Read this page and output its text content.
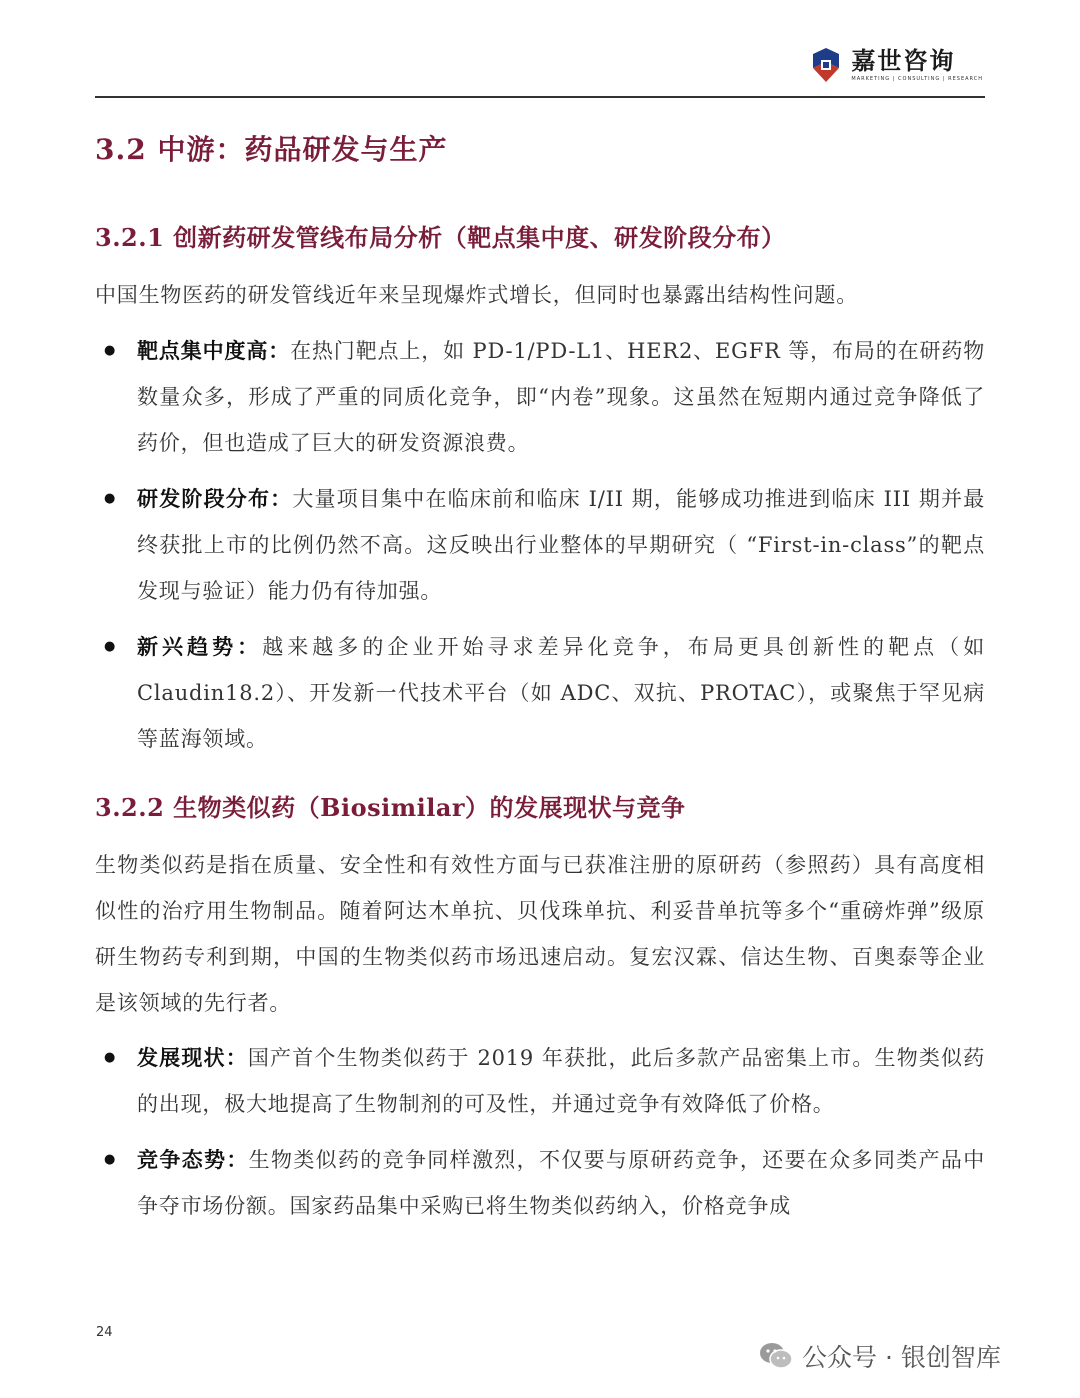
嘉世咨询
MARKETING | CONSULTING | RESEARCH
3.2 中游：药品研发与生产
3.2.1 创新药研发管线布局分析（靶点集中度、研发阶段分布）
中国生物医药的研发管线近年来呈现爆炸式增长，但同时也暴露出结构性问题。
● 靶点集中度高：在热门靶点上，如 PD-1/PD-L1、HER2、EGFR 等，布局的在研药物数量众多，形成了严重的同质化竞争，即“内卷”现象。这虽然在短期内通过竞争降低了药价，但也造成了巨大的研发资源浪费。
● 研发阶段分布：大量项目集中在临床前和临床 I/II 期，能够成功推进到临床 III 期并最终获批上市的比例仍然不高。这反映出行业整体的早期研究（ “First-in-class”的靶点发现与验证）能力仍有待加强。
● 新兴趋势：越来越多的企业开始寻求差异化竞争，布局更具创新性的靶点（如 Claudin18.2）、开发新一代技术平台（如 ADC、双抗、PROTAC），或聚焦于罕见病等蓝海领域。
3.2.2 生物类似药（Biosimilar）的发展现状与竞争
生物类似药是指在质量、安全性和有效性方面与已获准注册的原研药（参照药）具有高度相似性的治疗用生物制品。随着阿达木单抗、贝伐珠单抗、利妥昔单抗等多个“重磅炸弹”级原研生物药专利到期，中国的生物类似药市场迅速启动。复宏汉霖、信达生物、百奥泰等企业是该领域的先行者。
● 发展现状：国产首个生物类似药于 2019 年获批，此后多款产品密集上市。生物类似药的出现，极大地提高了生物制剂的可及性，并通过竞争有效降低了价格。
● 竞争态势：生物类似药的竞争同样激烈，不仅要与原研药竞争，还要在众多同类产品中争夺市场份额。国家药品集中采购已将生物类似药纳入，价格竞争成
24
公众号 · 银创智库
